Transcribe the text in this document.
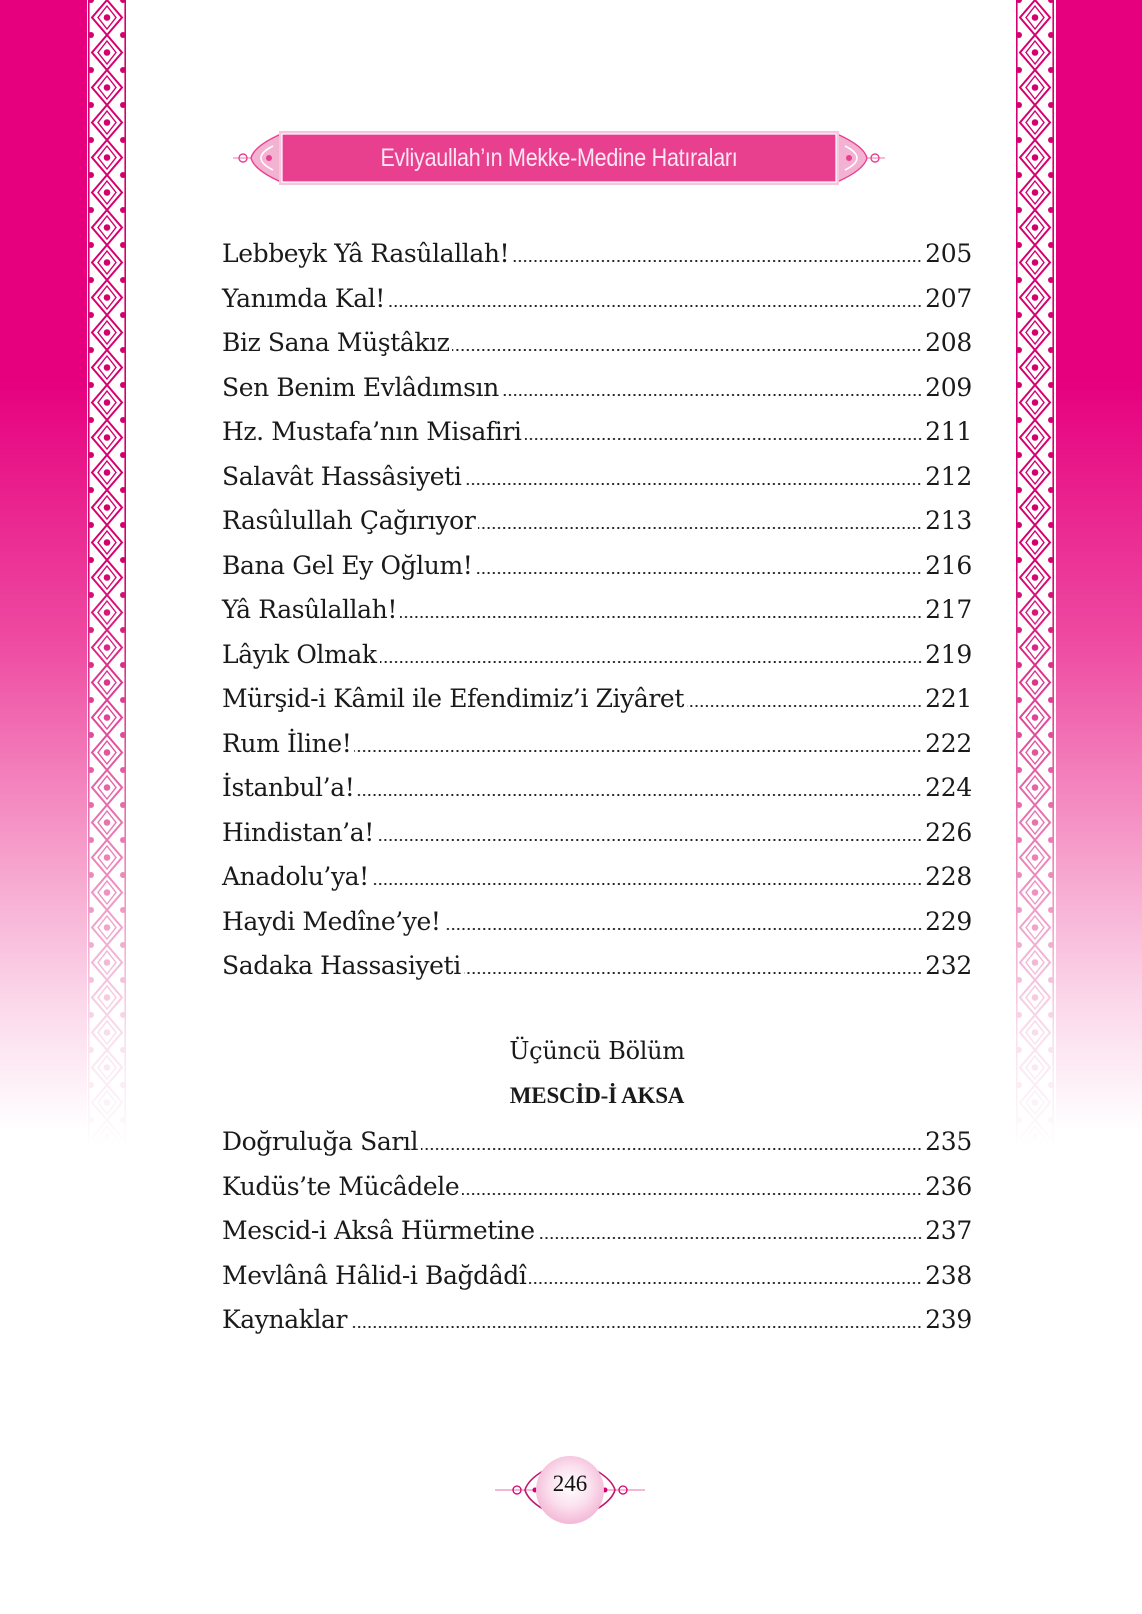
Evliyaullah’ın Mekke-Medine Hatıraları
Lebbeyk Yâ Rasûlallah!	205
Yanımda Kal!	207
Biz Sana Müştâkız	208
Sen Benim Evlâdımsın	209
Hz. Mustafa’nın Misafiri	211
Salavât Hassâsiyeti	212
Rasûlullah Çağırıyor	213
Bana Gel Ey Oğlum!	216
Yâ Rasûlallah!	217
Lâyık Olmak	219
Mürşid-i Kâmil ile Efendimiz’i Ziyâret	221
Rum İline!	222
İstanbul’a!	224
Hindistan’a!	226
Anadolu’ya!	228
Haydi Medîne’ye!	229
Sadaka Hassasiyeti	232
Üçüncü Bölüm
MESCİD-İ AKSA
Doğruluğa Sarıl	235
Kudüs’te Mücâdele	236
Mescid-i Aksâ Hürmetine	237
Mevlânâ Hâlid-i Bağdâdî	238
Kaynaklar	239
246
